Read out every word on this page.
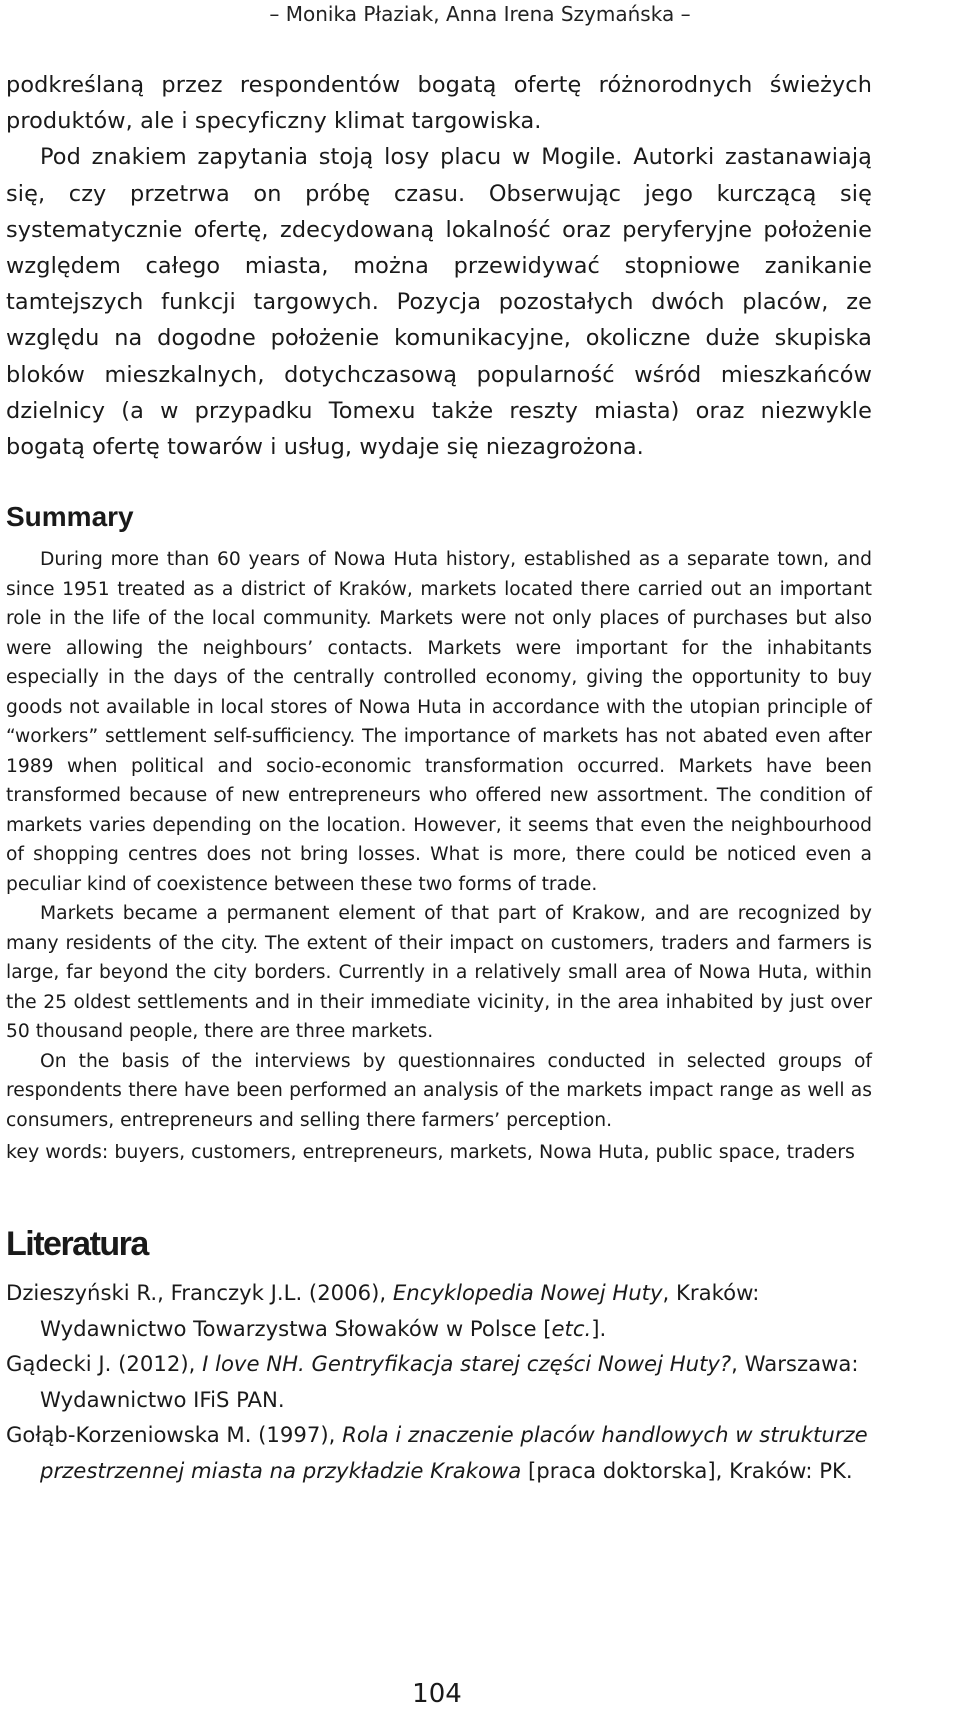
– Monika Płaziak, Anna Irena Szymańska –

podkreślaną przez respondentów bogatą ofertę różnorodnych świeżych produktów, ale i specyficzny klimat targowiska.

Pod znakiem zapytania stoją losy placu w Mogile. Autorki zastanawiają się, czy przetrwa on próbę czasu. Obserwując jego kurczącą się systematycznie ofertę, zdecydowaną lokalność oraz peryferyjne położenie względem całego miasta, można przewidywać stopniowe zanikanie tamtejszych funkcji targowych. Pozycja pozostałych dwóch placów, ze względu na dogodne położenie komunikacyjne, okoliczne duże skupiska bloków mieszkalnych, dotychczasową popularność wśród mieszkańców dzielnicy (a w przypadku Tomexu także reszty miasta) oraz niezwykle bogatą ofertę towarów i usług, wydaje się niezagrożona.

Summary

During more than 60 years of Nowa Huta history, established as a separate town, and since 1951 treated as a district of Kraków, markets located there carried out an important role in the life of the local community. Markets were not only places of purchases but also were allowing the neighbours’ contacts. Markets were important for the inhabitants especially in the days of the centrally controlled economy, giving the opportunity to buy goods not available in local stores of Nowa Huta in accordance with the utopian principle of “workers” settlement self-sufficiency. The importance of markets has not abated even after 1989 when political and socio-economic transformation occurred. Markets have been transformed because of new entrepreneurs who offered new assortment. The condition of markets varies depending on the location. However, it seems that even the neighbourhood of shopping centres does not bring losses. What is more, there could be noticed even a peculiar kind of coexistence between these two forms of trade.

Markets became a permanent element of that part of Krakow, and are recognized by many residents of the city. The extent of their impact on customers, traders and farmers is large, far beyond the city borders. Currently in a relatively small area of Nowa Huta, within the 25 oldest settlements and in their immediate vicinity, in the area inhabited by just over 50 thousand people, there are three markets.

On the basis of the interviews by questionnaires conducted in selected groups of respondents there have been performed an analysis of the markets impact range as well as consumers, entrepreneurs and selling there farmers’ perception.

key words: buyers, customers, entrepreneurs, markets, Nowa Huta, public space, traders

Literatura
Dzieszyński R., Franczyk J.L. (2006), Encyklopedia Nowej Huty, Kraków: Wydawnictwo Towarzystwa Słowaków w Polsce [etc.].
Gądecki J. (2012), I love NH. Gentryfikacja starej części Nowej Huty?, Warszawa: Wydawnictwo IFiS PAN.
Gołąb-Korzeniowska M. (1997), Rola i znaczenie placów handlowych w strukturze przestrzennej miasta na przykładzie Krakowa [praca doktorska], Kraków: PK.
104
